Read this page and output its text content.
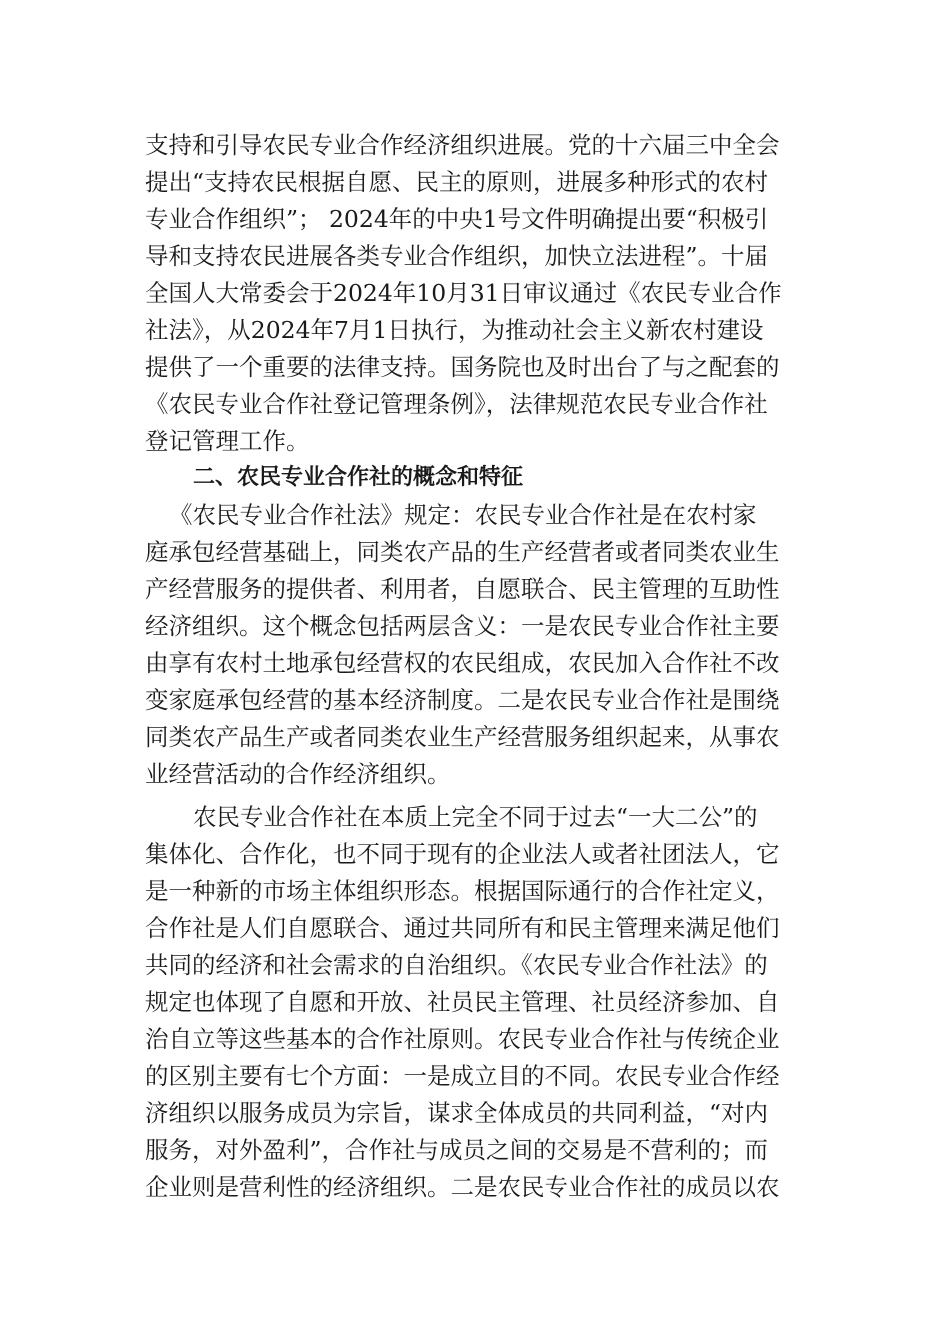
支持和引导农民专业合作经济组织进展。党的十六届三中全会
提出“支持农民根据自愿、民主的原则，进展多种形式的农村
专业合作组织”； 2024年的中央1号文件明确提出要“积极引
导和支持农民进展各类专业合作组织，加快立法进程”。十届
全国人大常委会于2024年10月31日审议通过《农民专业合作
社法》，从2024年7月1日执行，为推动社会主义新农村建设
提供了一个重要的法律支持。国务院也及时出台了与之配套的
《农民专业合作社登记管理条例》，法律规范农民专业合作社
登记管理工作。
二、农民专业合作社的概念和特征
《农民专业合作社法》规定：农民专业合作社是在农村家
庭承包经营基础上，同类农产品的生产经营者或者同类农业生
产经营服务的提供者、利用者，自愿联合、民主管理的互助性
经济组织。这个概念包括两层含义：一是农民专业合作社主要
由享有农村土地承包经营权的农民组成，农民加入合作社不改
变家庭承包经营的基本经济制度。二是农民专业合作社是围绕
同类农产品生产或者同类农业生产经营服务组织起来，从事农
业经营活动的合作经济组织。
农民专业合作社在本质上完全不同于过去“一大二公”的
集体化、合作化，也不同于现有的企业法人或者社团法人，它
是一种新的市场主体组织形态。根据国际通行的合作社定义，
合作社是人们自愿联合、通过共同所有和民主管理来满足他们
共同的经济和社会需求的自治组织。《农民专业合作社法》的
规定也体现了自愿和开放、社员民主管理、社员经济参加、自
治自立等这些基本的合作社原则。农民专业合作社与传统企业
的区别主要有七个方面：一是成立目的不同。农民专业合作经
济组织以服务成员为宗旨，谋求全体成员的共同利益，“对内
服务，对外盈利”，合作社与成员之间的交易是不营利的；而
企业则是营利性的经济组织。二是农民专业合作社的成员以农
